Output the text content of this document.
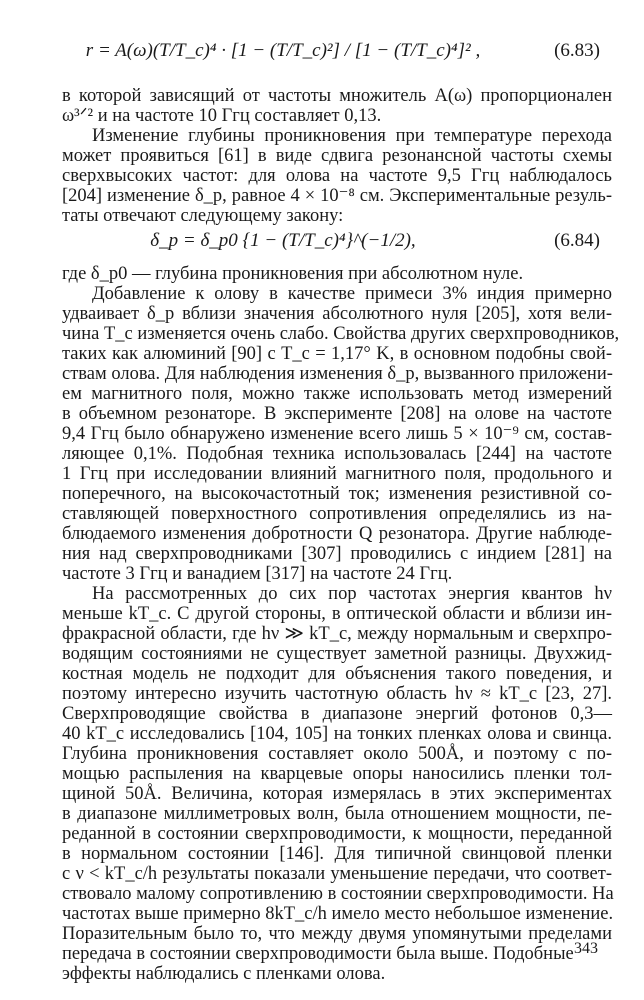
r = A(ω)(T/T_c)⁴ · [1 − (T/T_c)²] / [1 − (T/T_c)⁴]² ,	(6.83)
в которой зависящий от частоты множитель A(ω) пропорционален
ω³ᐟ² и на частоте 10 Ггц составляет 0,13.
Изменение глубины проникновения при температуре перехода
может проявиться [61] в виде сдвига резонансной частоты схемы
сверхвысоких частот: для олова на частоте 9,5 Ггц наблюдалось
[204] изменение δ_p, равное 4 × 10⁻⁸ см. Экспериментальные резуль-
таты отвечают следующему закону:
δ_p = δ_p0 {1 − (T/T_c)⁴}^(−1/2),	(6.84)
где δ_p0 — глубина проникновения при абсолютном нуле.
Добавление к олову в качестве примеси 3% индия примерно
удваивает δ_p вблизи значения абсолютного нуля [205], хотя вели-
чина T_c изменяется очень слабо. Свойства других сверхпроводников,
таких как алюминий [90] с T_c = 1,17° K, в основном подобны свой-
ствам олова. Для наблюдения изменения δ_p, вызванного приложени-
ем магнитного поля, можно также использовать метод измерений
в объемном резонаторе. В эксперименте [208] на олове на частоте
9,4 Ггц было обнаружено изменение всего лишь 5 × 10⁻⁹ см, состав-
ляющее 0,1%. Подобная техника использовалась [244] на частоте
1 Ггц при исследовании влияний магнитного поля, продольного и
поперечного, на высокочастотный ток; изменения резистивной со-
ставляющей поверхностного сопротивления определялись из на-
блюдаемого изменения добротности Q резонатора. Другие наблюде-
ния над сверхпроводниками [307] проводились с индием [281] на
частоте 3 Ггц и ванадием [317] на частоте 24 Ггц.
На рассмотренных до сих пор частотах энергия квантов hν
меньше kT_c. С другой стороны, в оптической области и вблизи ин-
фракрасной области, где hν ≫ kT_c, между нормальным и сверхпро-
водящим состояниями не существует заметной разницы. Двухжид-
костная модель не подходит для объяснения такого поведения, и
поэтому интересно изучить частотную область hν ≈ kT_c [23, 27].
Сверхпроводящие свойства в диапазоне энергий фотонов 0,3—
40 kT_c исследовались [104, 105] на тонких пленках олова и свинца.
Глубина проникновения составляет около 500Å, и поэтому с по-
мощью распыления на кварцевые опоры наносились пленки тол-
щиной 50Å. Величина, которая измерялась в этих экспериментах
в диапазоне миллиметровых волн, была отношением мощности, пе-
реданной в состоянии сверхпроводимости, к мощности, переданной
в нормальном состоянии [146]. Для типичной свинцовой пленки
с ν < kT_c/h результаты показали уменьшение передачи, что соответ-
ствовало малому сопротивлению в состоянии сверхпроводимости. На
частотах выше примерно 8kT_c/h имело место небольшое изменение.
Поразительным было то, что между двумя упомянутыми пределами
передача в состоянии сверхпроводимости была выше. Подобные
эффекты наблюдались с пленками олова.
343
